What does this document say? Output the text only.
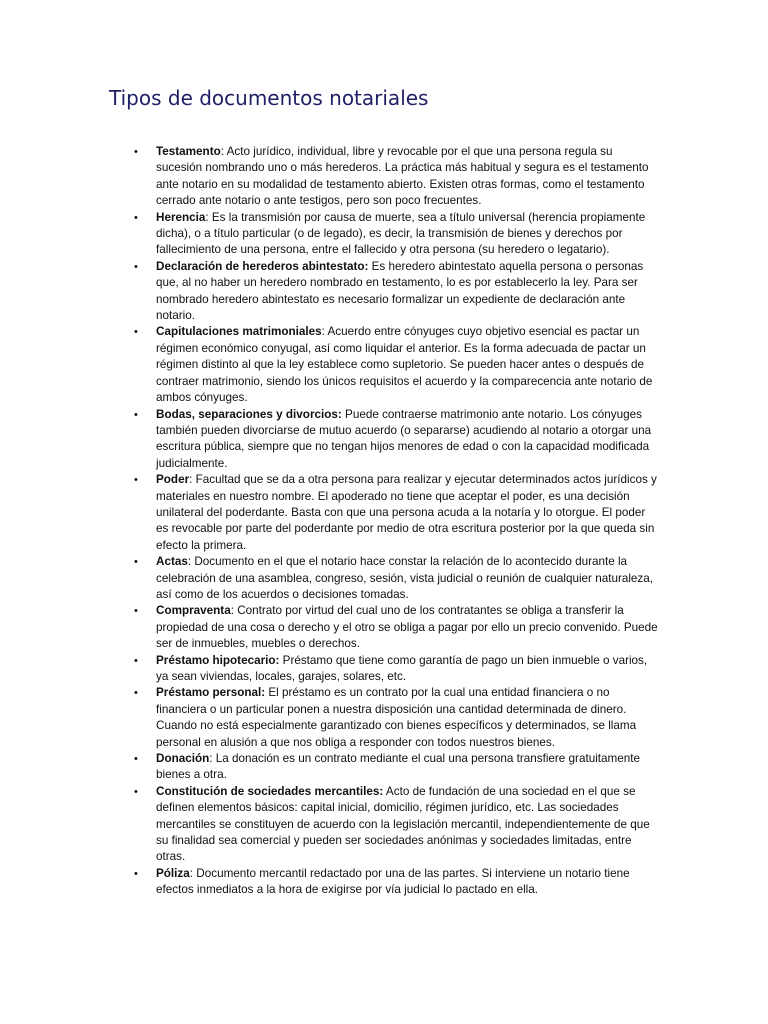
Tipos de documentos notariales
• Testamento: Acto jurídico, individual, libre y revocable por el que una persona regula su sucesión nombrando uno o más herederos. La práctica más habitual y segura es el testamento ante notario en su modalidad de testamento abierto. Existen otras formas, como el testamento cerrado ante notario o ante testigos, pero son poco frecuentes.
• Herencia: Es la transmisión por causa de muerte, sea a título universal (herencia propiamente dicha), o a título particular (o de legado), es decir, la transmisión de bienes y derechos por fallecimiento de una persona, entre el fallecido y otra persona (su heredero o legatario).
• Declaración de herederos abintestato: Es heredero abintestato aquella persona o personas que, al no haber un heredero nombrado en testamento, lo es por establecerlo la ley. Para ser nombrado heredero abintestato es necesario formalizar un expediente de declaración ante notario.
• Capitulaciones matrimoniales: Acuerdo entre cónyuges cuyo objetivo esencial es pactar un régimen económico conyugal, así como liquidar el anterior. Es la forma adecuada de pactar un régimen distinto al que la ley establece como supletorio. Se pueden hacer antes o después de contraer matrimonio, siendo los únicos requisitos el acuerdo y la comparecencia ante notario de ambos cónyuges.
• Bodas, separaciones y divorcios: Puede contraerse matrimonio ante notario. Los cónyuges también pueden divorciarse de mutuo acuerdo (o separarse) acudiendo al notario a otorgar una escritura pública, siempre que no tengan hijos menores de edad o con la capacidad modificada judicialmente.
• Poder: Facultad que se da a otra persona para realizar y ejecutar determinados actos jurídicos y materiales en nuestro nombre. El apoderado no tiene que aceptar el poder, es una decisión unilateral del poderdante. Basta con que una persona acuda a la notaría y lo otorgue. El poder es revocable por parte del poderdante por medio de otra escritura posterior por la que queda sin efecto la primera.
• Actas: Documento en el que el notario hace constar la relación de lo acontecido durante la celebración de una asamblea, congreso, sesión, vista judicial o reunión de cualquier naturaleza, así como de los acuerdos o decisiones tomadas.
• Compraventa: Contrato por virtud del cual uno de los contratantes se obliga a transferir la propiedad de una cosa o derecho y el otro se obliga a pagar por ello un precio convenido. Puede ser de inmuebles, muebles o derechos.
• Préstamo hipotecario: Préstamo que tiene como garantía de pago un bien inmueble o varios, ya sean viviendas, locales, garajes, solares, etc.
• Préstamo personal: El préstamo es un contrato por la cual una entidad financiera o no financiera o un particular ponen a nuestra disposición una cantidad determinada de dinero. Cuando no está especialmente garantizado con bienes específicos y determinados, se llama personal en alusión a que nos obliga a responder con todos nuestros bienes.
• Donación: La donación es un contrato mediante el cual una persona transfiere gratuitamente bienes a otra.
• Constitución de sociedades mercantiles: Acto de fundación de una sociedad en el que se definen elementos básicos: capital inicial, domicilio, régimen jurídico, etc. Las sociedades mercantiles se constituyen de acuerdo con la legislación mercantil, independientemente de que su finalidad sea comercial y pueden ser sociedades anónimas y sociedades limitadas, entre otras.
• Póliza: Documento mercantil redactado por una de las partes. Si interviene un notario tiene efectos inmediatos a la hora de exigirse por vía judicial lo pactado en ella.
